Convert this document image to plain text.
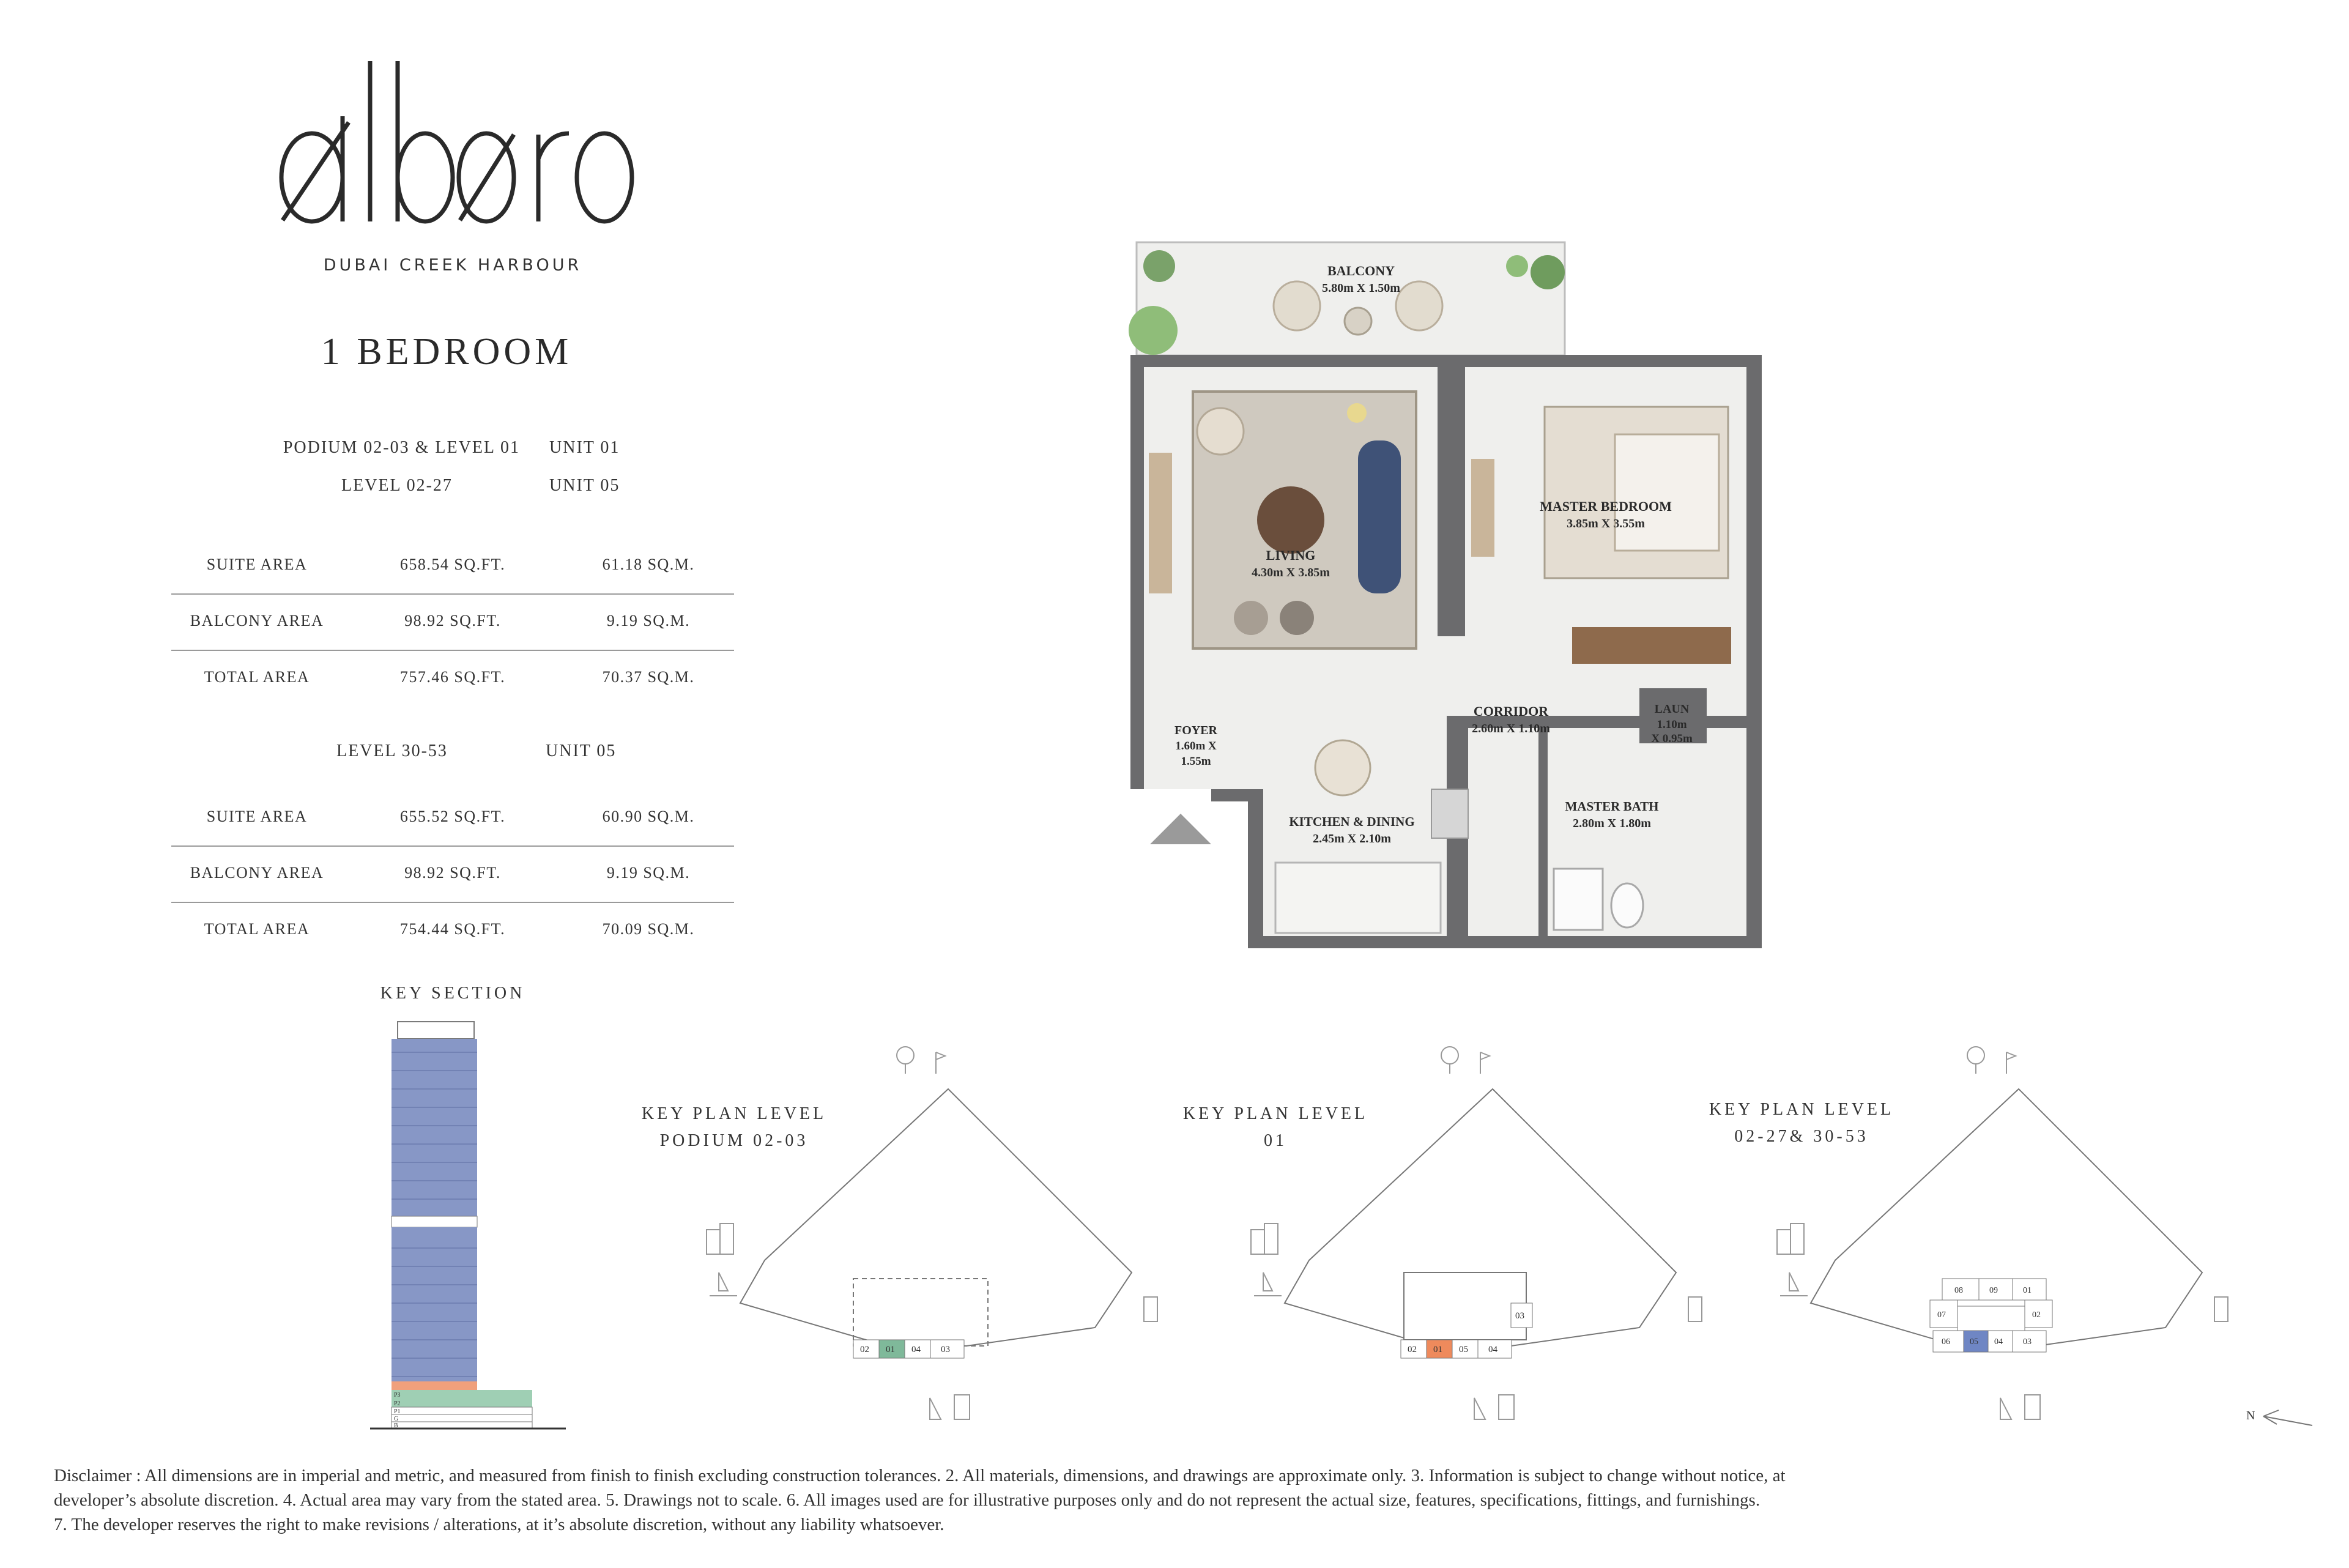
DUBAI CREEK HARBOUR
1 BEDROOM
PODIUM 02-03 & LEVEL 01 UNIT 01
LEVEL 02-27	UNIT 05
SUITE AREA	658.54 SQ.FT.	61.18 SQ.M.
BALCONY AREA	98.92 SQ.FT.	9.19 SQ.M.
TOTAL AREA	757.46 SQ.FT.	70.37 SQ.M.
LEVEL 30-53	UNIT 05
SUITE AREA	655.52 SQ.FT.	60.90 SQ.M.
BALCONY AREA	98.92 SQ.FT.	9.19 SQ.M.
TOTAL AREA	754.44 SQ.FT.	70.09 SQ.M.
BALCONY
5.80m X 1.50m
LIVING
4.30m X 3.85m
MASTER BEDROOM
3.85m X 3.55m
CORRIDOR
2.60m X 1.10m
LAUN
1.10m
X 0.95m
FOYER
1.60m X
1.55m
KITCHEN & DINING
2.45m X 2.10m
MASTER BATH
2.80m X 1.80m
KEY SECTION
P3
P2
P1
G
B
KEY PLAN LEVEL
PODIUM 02-03
02 01 04 03
KEY PLAN LEVEL
01
02 01 05 04
03
KEY PLAN LEVEL
02-27& 30-53
08	09	01
07	02
06 05 04 03
N
Disclaimer : All dimensions are in imperial and metric, and measured from finish to finish excluding construction tolerances. 2. All materials, dimensions, and drawings are approximate only. 3. Information is subject to change without notice, at
developer’s absolute discretion. 4. Actual area may vary from the stated area. 5. Drawings not to scale. 6. All images used are for illustrative purposes only and do not represent the actual size, features, specifications, fittings, and furnishings.
7. The developer reserves the right to make revisions / alterations, at it’s absolute discretion, without any liability whatsoever.
